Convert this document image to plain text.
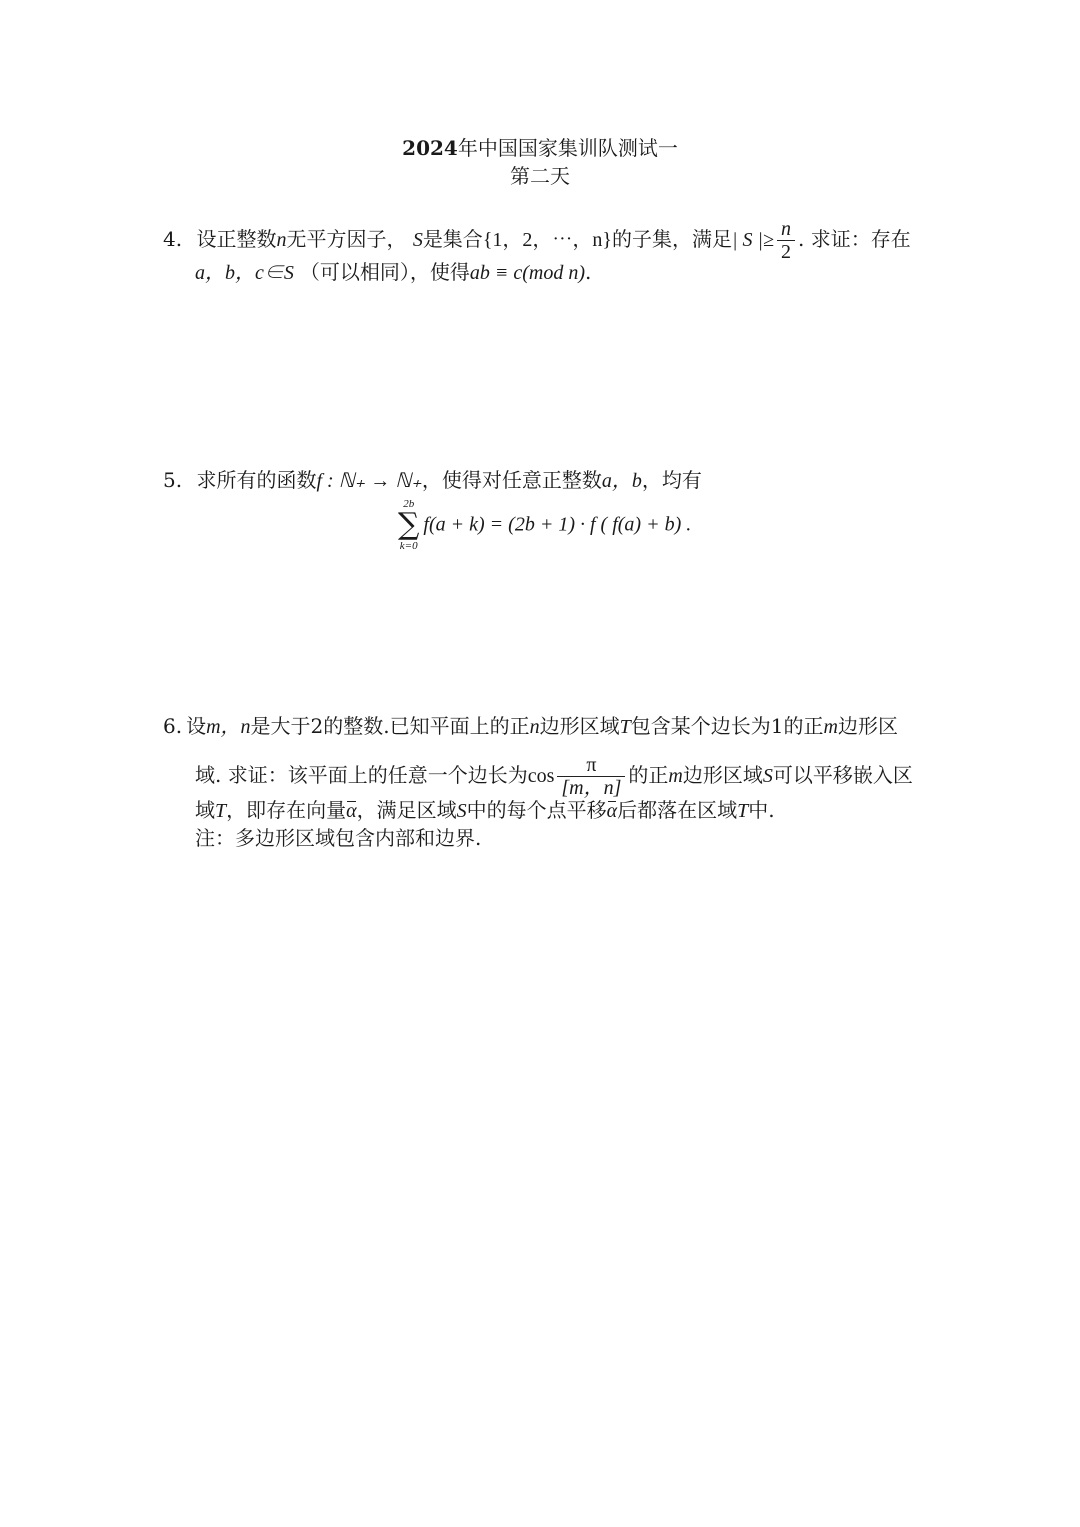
2024年中国国家集训队测试一
第二天
4. 设正整数n无平方因子， S是集合{1，2，⋯，n}的子集，满足| S |≥ $\frac{n}{2}$ . 求证：存在
a，b，c∈S （可以相同），使得ab ≡ c(mod n).
5. 求所有的函数f : ℕ₊ → ℕ₊，使得对任意正整数a，b，均有
2b
∑
k=0
f(a + k) = (2b + 1) · f ( f(a) + b) .
6. 设m，n是大于2的整数.已知平面上的正n边形区域T包含某个边长为1的正m边形区
域. 求证：该平面上的任意一个边长为$\cos \frac{\pi}{[m,n]}$ 的正m边形区域S可以平移嵌入区
域T，即存在向量α，满足区域S中的每个点平移α后都落在区域T中.
注：多边形区域包含内部和边界.
